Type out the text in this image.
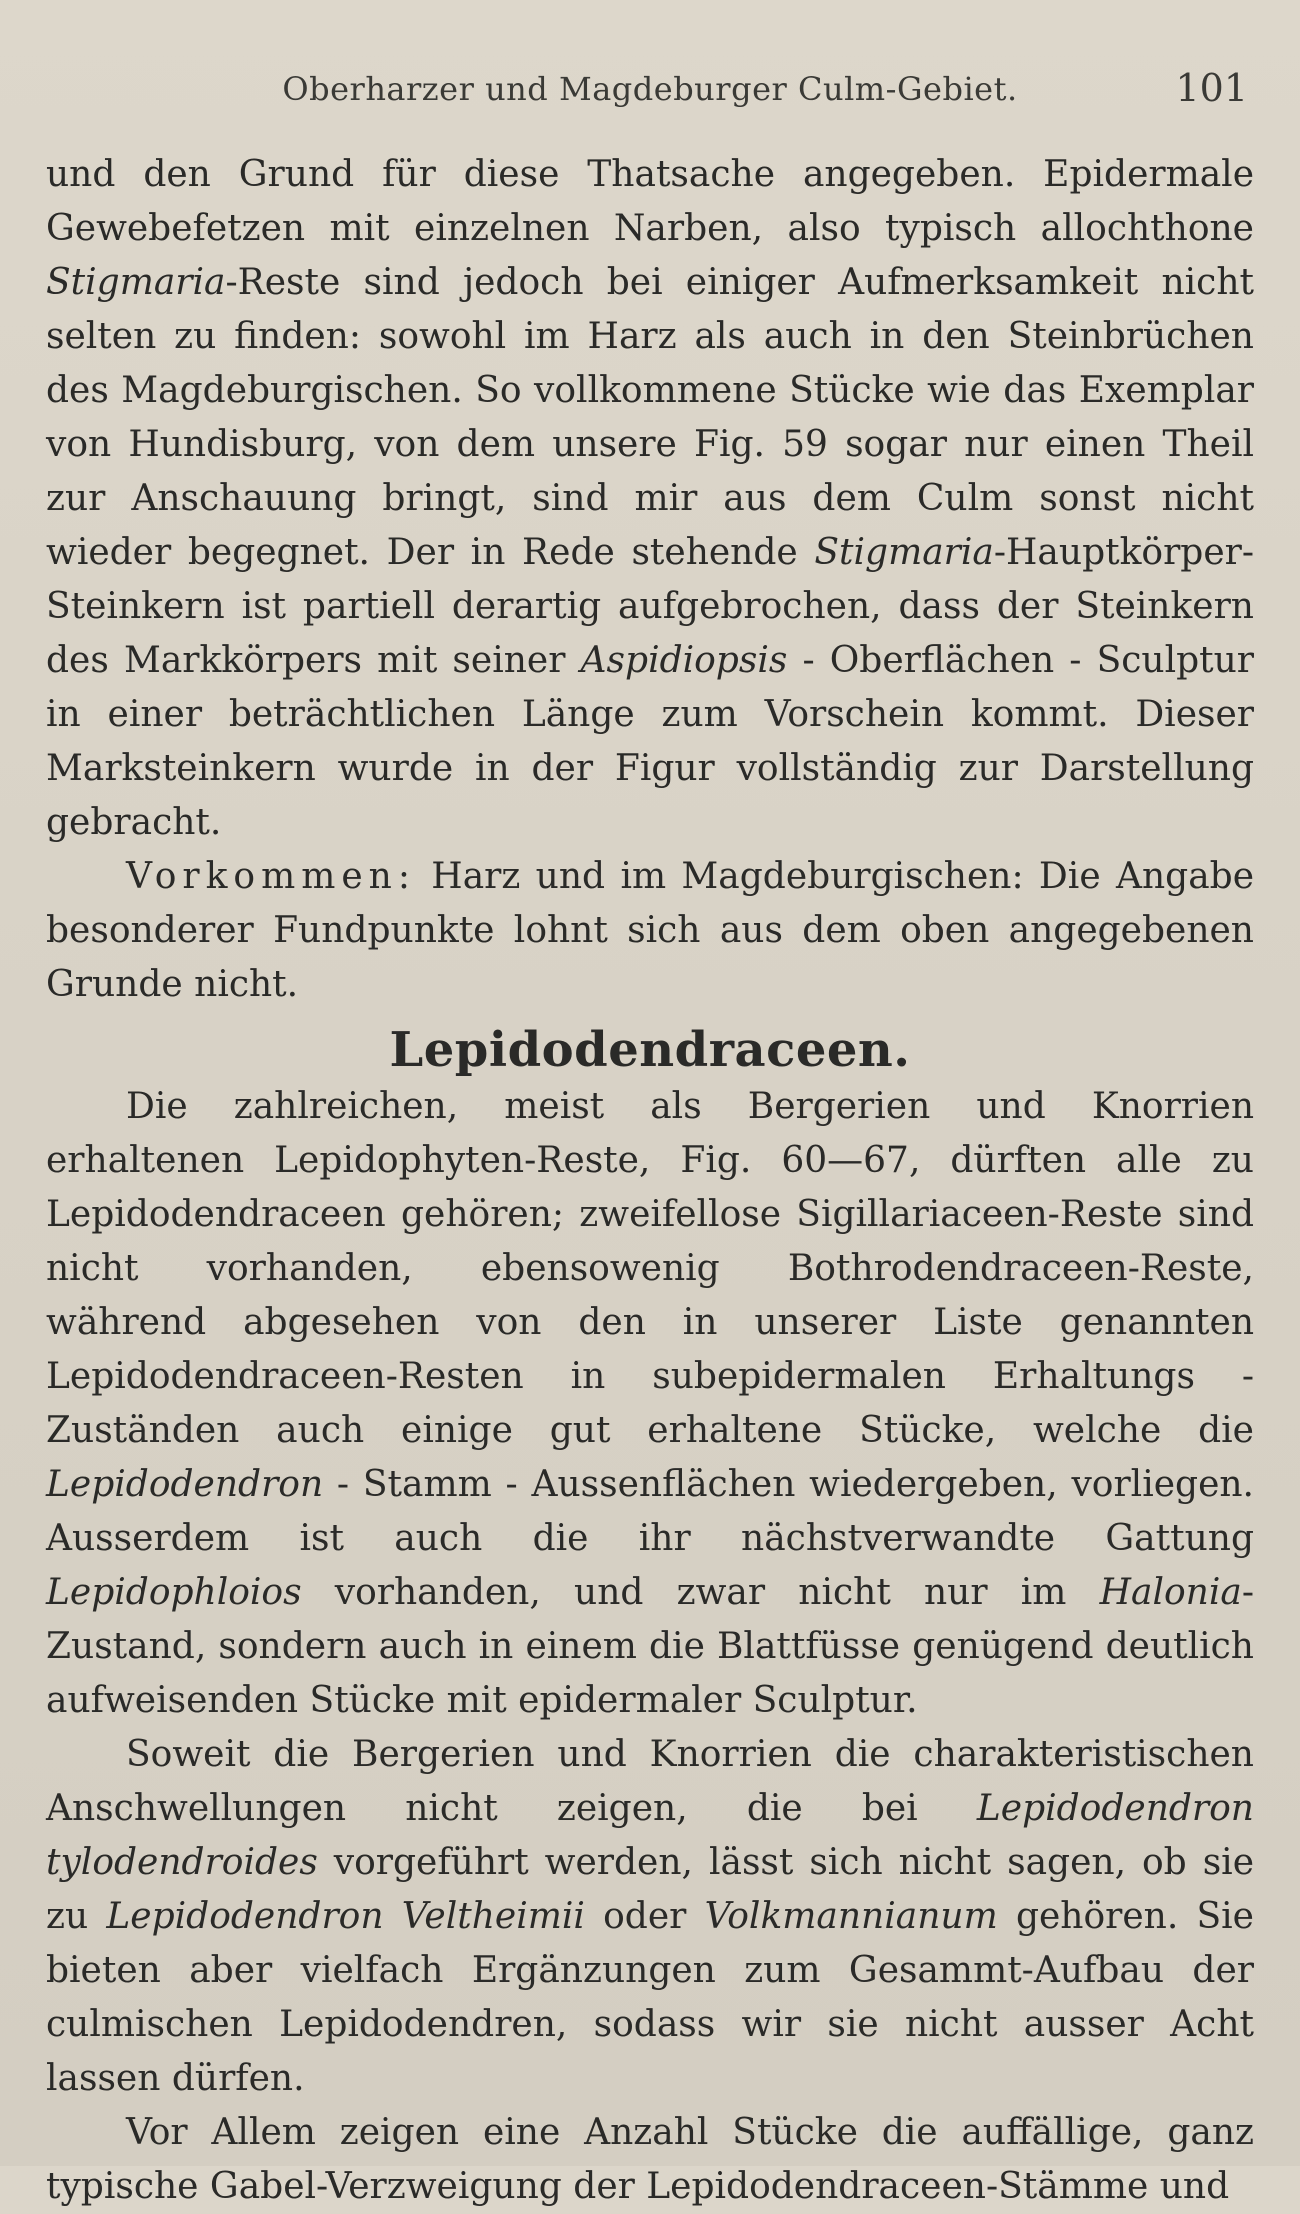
Oberharzer und Magdeburger Culm-Gebiet.	101

und den Grund für diese Thatsache angegeben. Epidermale Gewebefetzen mit einzelnen Narben, also typisch allochthone Stigmaria-Reste sind jedoch bei einiger Aufmerksamkeit nicht selten zu finden: sowohl im Harz als auch in den Steinbrüchen des Magdeburgischen. So vollkommene Stücke wie das Exemplar von Hundisburg, von dem unsere Fig. 59 sogar nur einen Theil zur Anschauung bringt, sind mir aus dem Culm sonst nicht wieder begegnet. Der in Rede stehende Stigmaria-Hauptkörper-Steinkern ist partiell derartig aufgebrochen, dass der Steinkern des Markkörpers mit seiner Aspidiopsis - Oberflächen - Sculptur in einer beträchtlichen Länge zum Vorschein kommt. Dieser Marksteinkern wurde in der Figur vollständig zur Darstellung gebracht.

Vorkommen: Harz und im Magdeburgischen: Die Angabe besonderer Fundpunkte lohnt sich aus dem oben angegebenen Grunde nicht.

Lepidodendraceen.

Die zahlreichen, meist als Bergerien und Knorrien erhaltenen Lepidophyten-Reste, Fig. 60—67, dürften alle zu Lepidodendraceen gehören; zweifellose Sigillariaceen-Reste sind nicht vorhanden, ebensowenig Bothrodendraceen-Reste, während abgesehen von den in unserer Liste genannten Lepidodendraceen-Resten in subepidermalen Erhaltungs - Zuständen auch einige gut erhaltene Stücke, welche die Lepidodendron - Stamm - Aussenflächen wiedergeben, vorliegen. Ausserdem ist auch die ihr nächstverwandte Gattung Lepidophloios vorhanden, und zwar nicht nur im Halonia-Zustand, sondern auch in einem die Blattfüsse genügend deutlich aufweisenden Stücke mit epidermaler Sculptur.

Soweit die Bergerien und Knorrien die charakteristischen Anschwellungen nicht zeigen, die bei Lepidodendron tylodendroides vorgeführt werden, lässt sich nicht sagen, ob sie zu Lepidodendron Veltheimii oder Volkmannianum gehören. Sie bieten aber vielfach Ergänzungen zum Gesammt-Aufbau der culmischen Lepidodendren, sodass wir sie nicht ausser Acht lassen dürfen.

Vor Allem zeigen eine Anzahl Stücke die auffällige, ganz typische Gabel-Verzweigung der Lepidodendraceen-Stämme und
